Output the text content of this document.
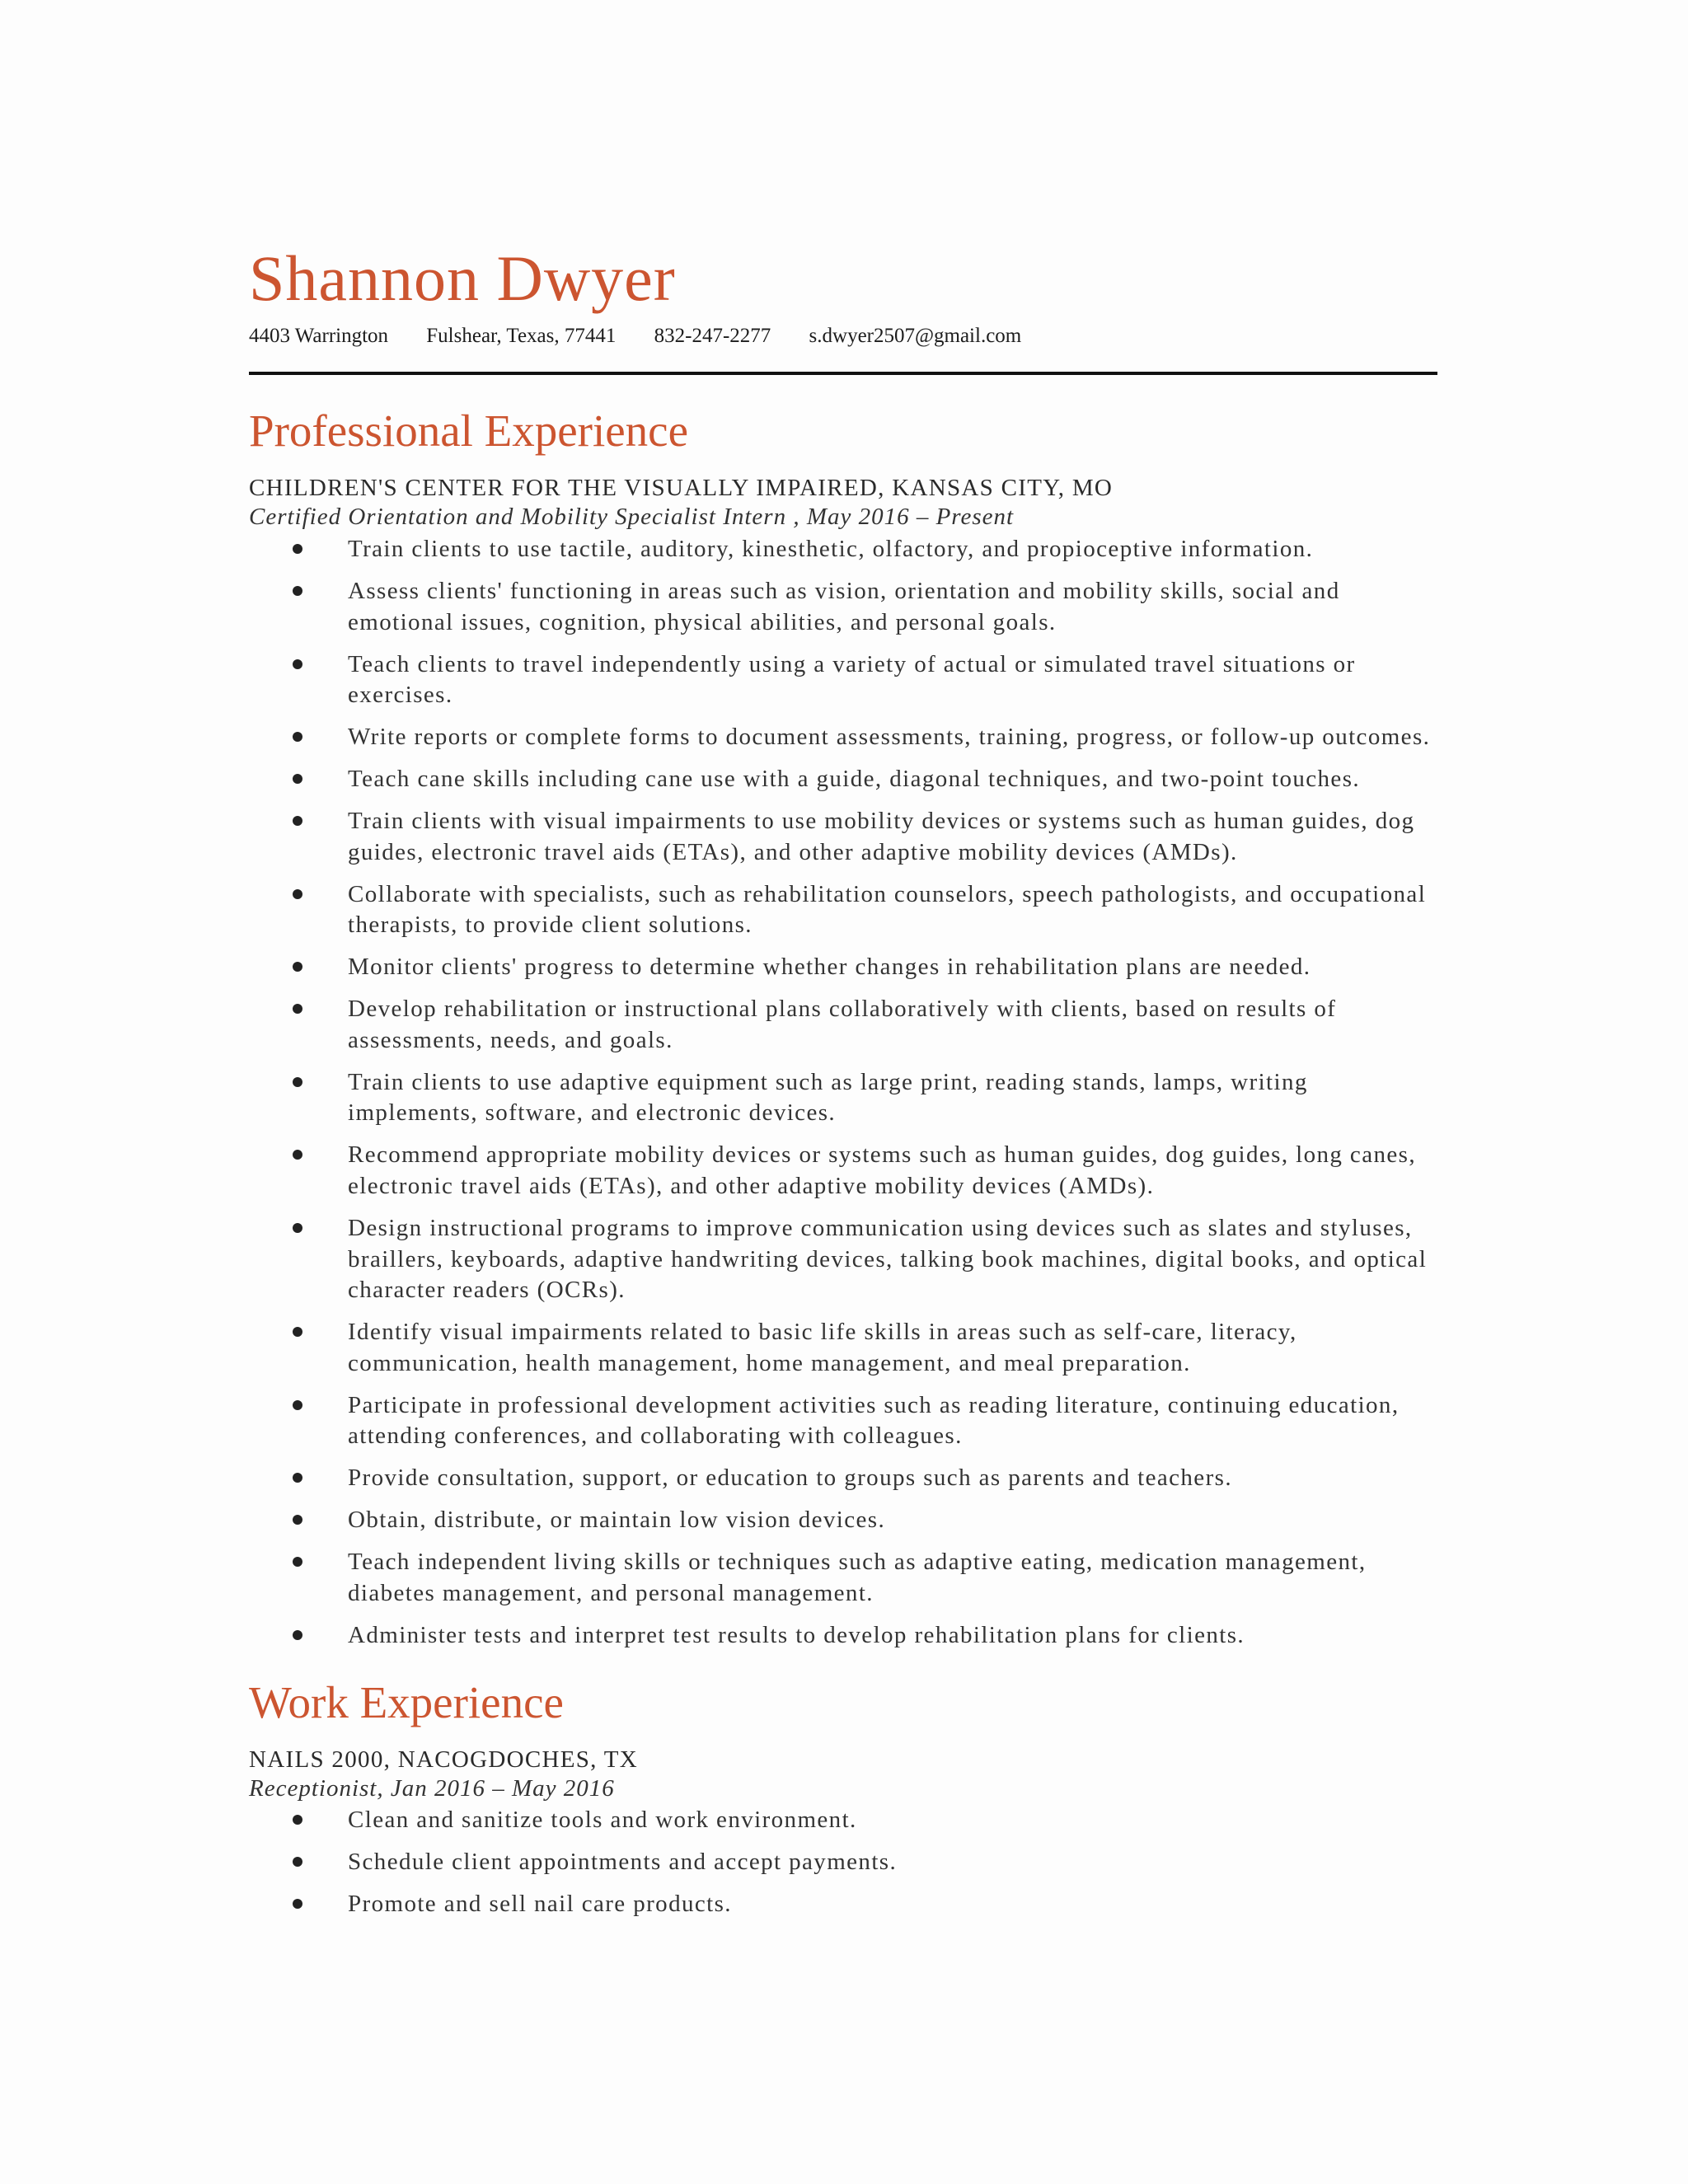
Shannon Dwyer
4403 Warrington Fulshear, Texas, 77441 832-247-2277 s.dwyer2507@gmail.com
Professional Experience
CHILDREN'S CENTER FOR THE VISUALLY IMPAIRED, KANSAS CITY, MO
Certified Orientation and Mobility Specialist Intern , May 2016 – Present
Train clients to use tactile, auditory, kinesthetic, olfactory, and propioceptive information.
Assess clients' functioning in areas such as vision, orientation and mobility skills, social and emotional issues, cognition, physical abilities, and personal goals.
Teach clients to travel independently using a variety of actual or simulated travel situations or exercises.
Write reports or complete forms to document assessments, training, progress, or follow-up outcomes.
Teach cane skills including cane use with a guide, diagonal techniques, and two-point touches.
Train clients with visual impairments to use mobility devices or systems such as human guides, dog guides, electronic travel aids (ETAs), and other adaptive mobility devices (AMDs).
Collaborate with specialists, such as rehabilitation counselors, speech pathologists, and occupational therapists, to provide client solutions.
Monitor clients' progress to determine whether changes in rehabilitation plans are needed.
Develop rehabilitation or instructional plans collaboratively with clients, based on results of assessments, needs, and goals.
Train clients to use adaptive equipment such as large print, reading stands, lamps, writing implements, software, and electronic devices.
Recommend appropriate mobility devices or systems such as human guides, dog guides, long canes, electronic travel aids (ETAs), and other adaptive mobility devices (AMDs).
Design instructional programs to improve communication using devices such as slates and styluses, braillers, keyboards, adaptive handwriting devices, talking book machines, digital books, and optical character readers (OCRs).
Identify visual impairments related to basic life skills in areas such as self-care, literacy, communication, health management, home management, and meal preparation.
Participate in professional development activities such as reading literature, continuing education, attending conferences, and collaborating with colleagues.
Provide consultation, support, or education to groups such as parents and teachers.
Obtain, distribute, or maintain low vision devices.
Teach independent living skills or techniques such as adaptive eating, medication management, diabetes management, and personal management.
Administer tests and interpret test results to develop rehabilitation plans for clients.
Work Experience
NAILS 2000, NACOGDOCHES, TX
Receptionist, Jan 2016 – May 2016
Clean and sanitize tools and work environment.
Schedule client appointments and accept payments.
Promote and sell nail care products.
